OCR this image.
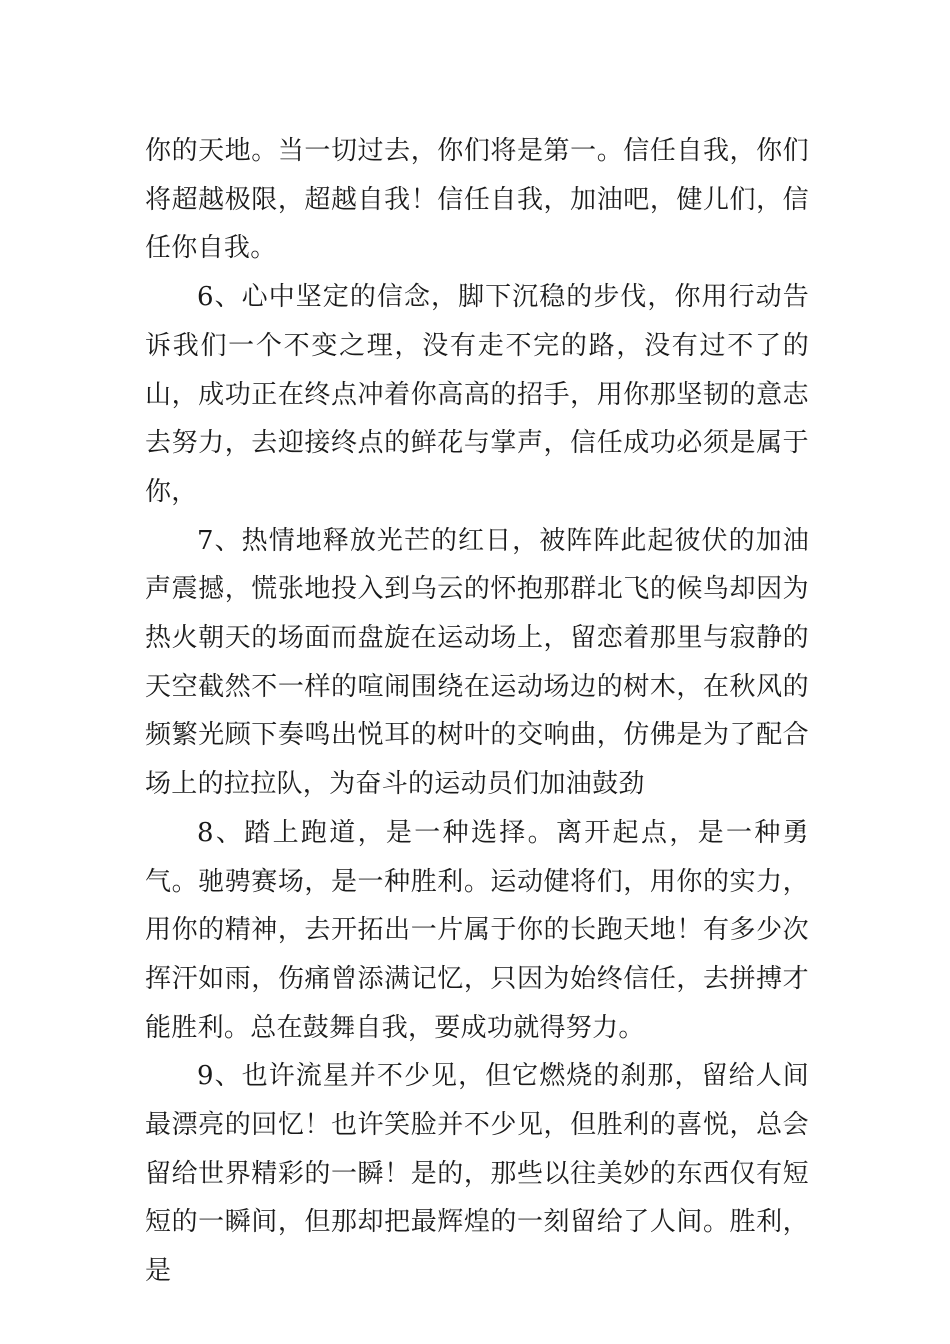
你的天地。当一切过去，你们将是第一。信任自我，你们将超越极限，超越自我！信任自我，加油吧，健儿们，信任你自我。

6、心中坚定的信念，脚下沉稳的步伐，你用行动告诉我们一个不变之理，没有走不完的路，没有过不了的山，成功正在终点冲着你高高的招手，用你那坚韧的意志去努力，去迎接终点的鲜花与掌声，信任成功必须是属于你，

7、热情地释放光芒的红日，被阵阵此起彼伏的加油声震撼，慌张地投入到乌云的怀抱那群北飞的候鸟却因为热火朝天的场面而盘旋在运动场上，留恋着那里与寂静的天空截然不一样的喧闹围绕在运动场边的树木，在秋风的频繁光顾下奏鸣出悦耳的树叶的交响曲，仿佛是为了配合场上的拉拉队，为奋斗的运动员们加油鼓劲

8、踏上跑道，是一种选择。离开起点，是一种勇气。驰骋赛场，是一种胜利。运动健将们，用你的实力，用你的精神，去开拓出一片属于你的长跑天地！有多少次挥汗如雨，伤痛曾添满记忆，只因为始终信任，去拼搏才能胜利。总在鼓舞自我，要成功就得努力。

9、也许流星并不少见，但它燃烧的刹那，留给人间最漂亮的回忆！也许笑脸并不少见，但胜利的喜悦，总会留给世界精彩的一瞬！是的，那些以往美妙的东西仅有短短的一瞬间，但那却把最辉煌的一刻留给了人间。胜利，是
